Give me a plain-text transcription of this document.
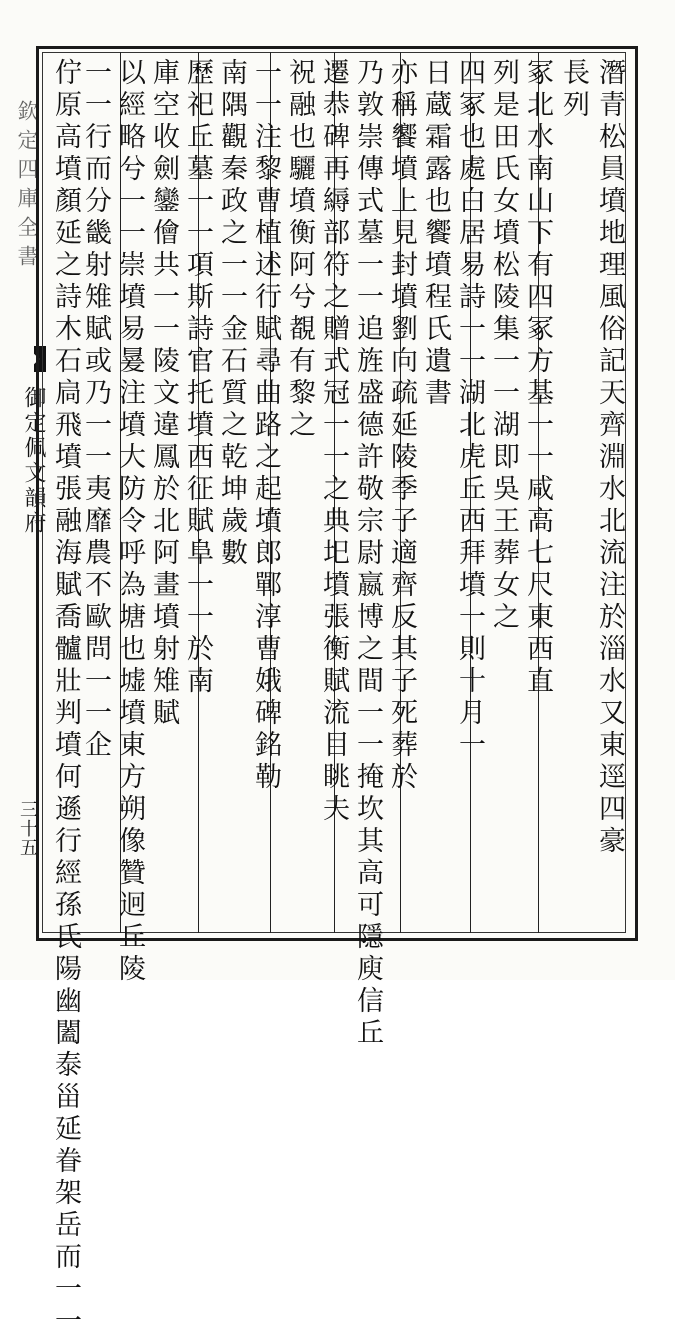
欽定四庫全書
御定佩文韻府
三十五	潛青松員墳地理風俗記天齊淵水北流注於淄水又東逕四豪
長列
冢北水南山下有四冢方基一一咸高七尺東西直
列是田氏女墳松陵集一一湖即吳王葬女之
四冢也處白居易詩一一湖北虎丘西拜墳一則十月一
日蔵霜露也饗墳程氏遺書
亦稱饗墳上見封墳劉向疏延陵季子適齊反其子死葬於
乃敦崇傳式墓一一追旌盛德許敬宗尉嬴博之間一一掩坎其高可隱庾信丘
遷恭碑再縟部符之贈式冠一一之典圯墳張衡賦流目眺夫
祝融也驪墳衡阿兮覩有黎之
一一注黎曹植述行賦尋曲路之起墳郎鄲淳曹娥碑銘勒
南隅觀秦政之一一金石質之乾坤歲數
歷祀丘墓一一項斯詩官托墳西征賦阜一一於南
庫空收劍鑾儈共一一陵文違鳳於北阿畫墳射雉賦
以經略兮一一崇墳易㬊注墳大防令呼為塘也墟墳東方朔像贊迥丘陵
一一行而分畿射雉賦或乃一一夷靡農不歐問一一企
佇原高墳顏延之詩木石扃飛墳張融海賦喬髗壯判墳何遜行經孫氏陽幽闔泰甾延眷架岳而一一
